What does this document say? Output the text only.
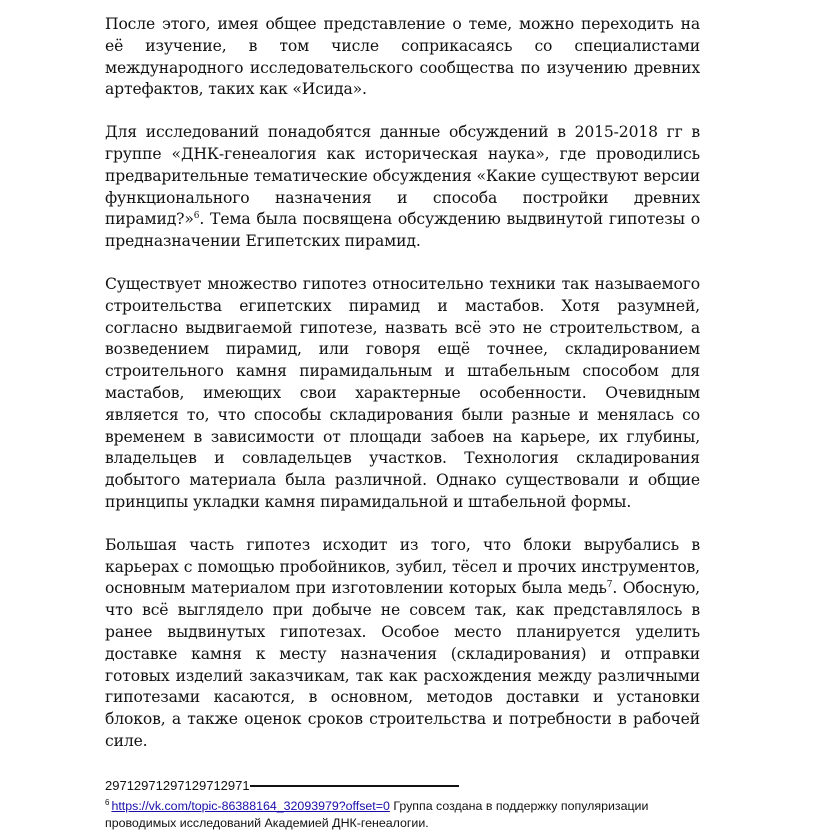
После этого, имея общее представление о теме, можно переходить на её изучение, в том числе соприкасаясь со специалистами международного исследовательского сообщества по изучению древних артефактов, таких как «Исида».

Для исследований понадобятся данные обсуждений в 2015-2018 гг в группе «ДНК-генеалогия как историческая наука», где проводились предварительные тематические обсуждения «Какие существуют версии функционального назначения и способа постройки древних пирамид?»$^6$. Тема была посвящена обсуждению выдвинутой гипотезы о предназначении Египетских пирамид.

Существует множество гипотез относительно техники так называемого строительства египетских пирамид и мастабов. Хотя разумней, согласно выдвигаемой гипотезе, назвать всё это не строительством, а возведением пирамид, или говоря ещё точнее, складированием строительного камня пирамидальным и штабельным способом для мастабов, имеющих свои характерные особенности. Очевидным является то, что способы складирования были разные и менялась со временем в зависимости от площади забоев на карьере, их глубины, владельцев и совладельцев участков. Технология складирования добытого материала была различной. Однако существовали и общие принципы укладки камня пирамидальной и штабельной формы.

Большая часть гипотез исходит из того, что блоки вырубались в карьерах с помощью пробойников, зубил, тёсел и прочих инструментов, основным материалом при изготовлении которых была медь$^7$. Обосную, что всё выглядело при добыче не совсем так, как представлялось в ранее выдвинутых гипотезах. Особое место планируется уделить доставке камня к месту назначения (складирования) и отправки готовых изделий заказчикам, так как расхождения между различными гипотезами касаются, в основном, методов доставки и установки блоков, а также оценок сроков строительства и потребности в рабочей силе.

29712971297129712971
$^6$ https://vk.com/topic-86388164_32093979?offset=0 Группа создана в поддержку популяризации проводимых исследований Академией ДНК-генеалогии.
